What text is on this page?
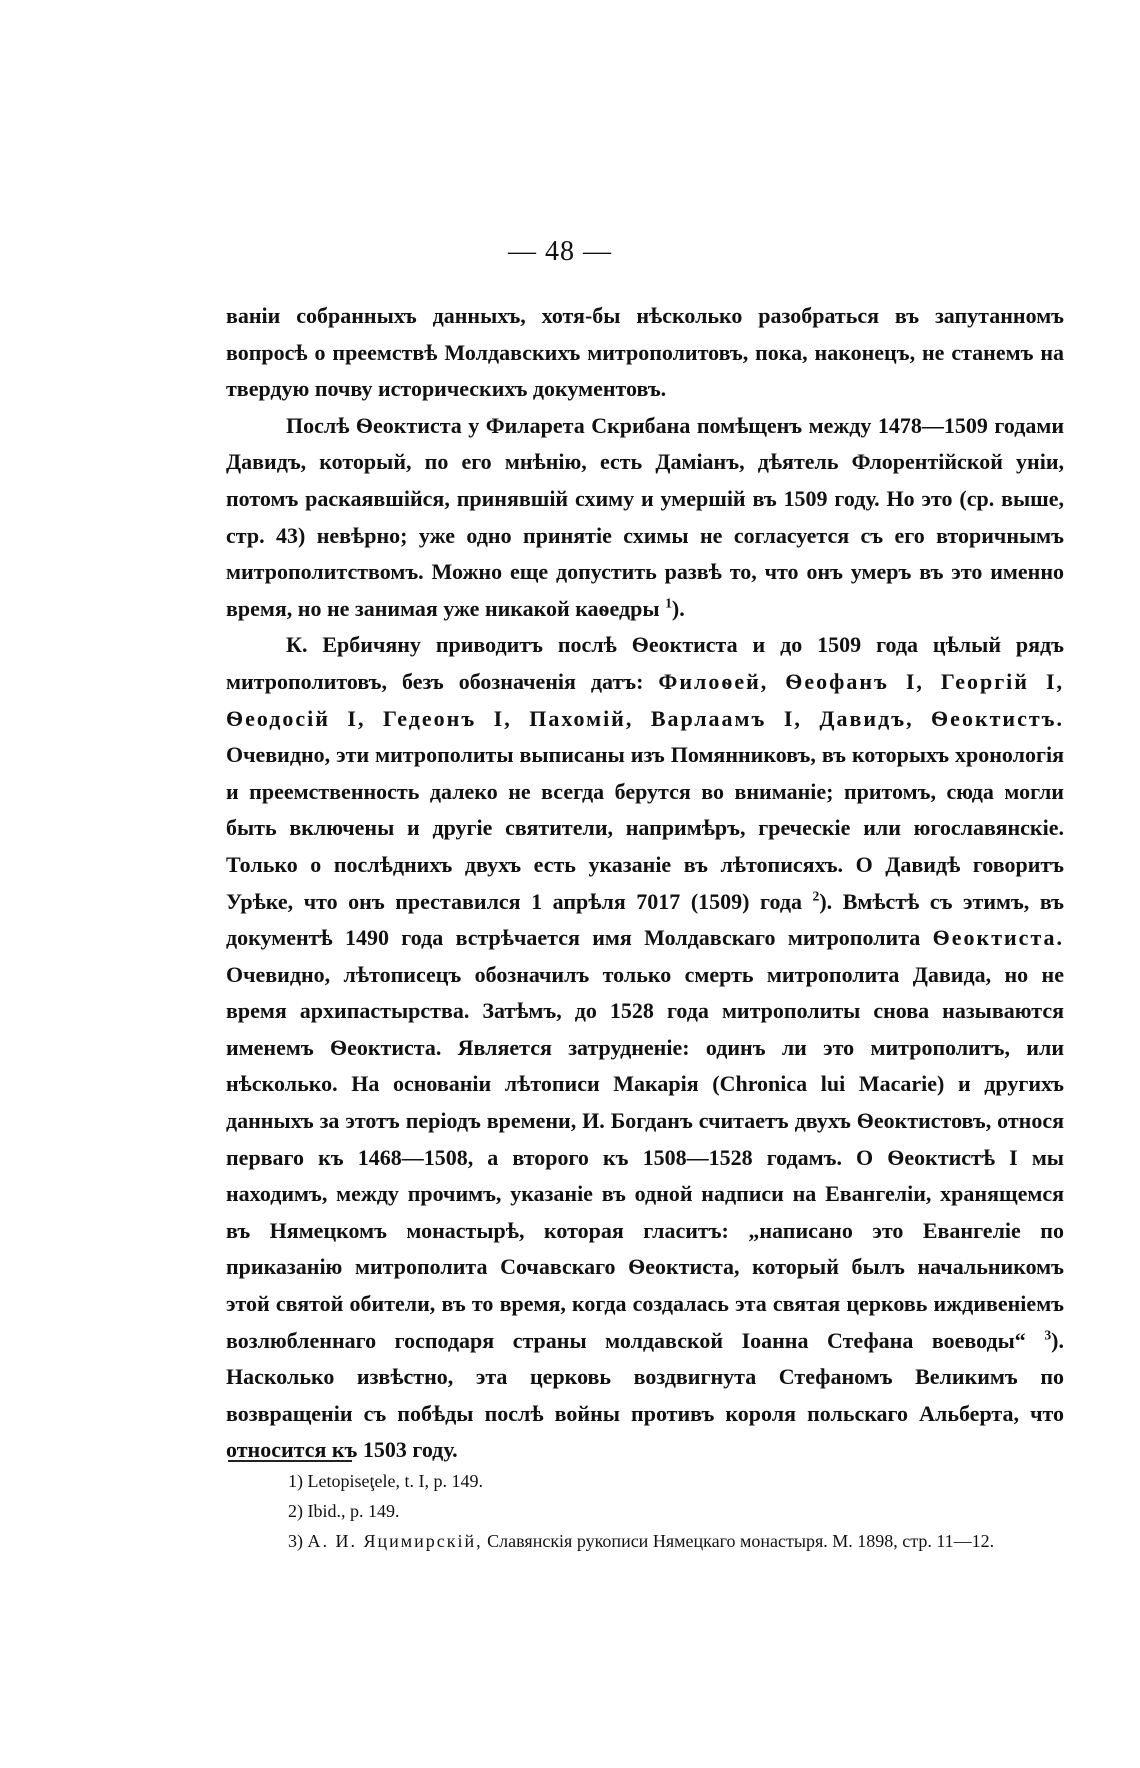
— 48 —

ваніи собранныхъ данныхъ, хотя-бы нѣсколько разобраться въ запутанномъ вопросѣ о преемствѣ Молдавскихъ митрополитовъ, пока, наконецъ, не станемъ на твердую почву историческихъ документовъ.

Послѣ Ѳеоктиста у Филарета Скрибана помѣщенъ между 1478—1509 годами Давидъ, который, по его мнѣнію, есть Даміанъ, дѣятель Флорентійской уніи, потомъ раскаявшійся, принявшій схиму и умершій въ 1509 году. Но это (ср. выше, стр. 43) невѣрно; уже одно принятіе схимы не согласуется съ его вторичнымъ митрополитствомъ. Можно еще допустить развѣ то, что онъ умеръ въ это именно время, но не занимая уже никакой каѳедры $^1$).

К. Ербичяну приводитъ послѣ Ѳеоктиста и до 1509 года цѣлый рядъ митрополитовъ, безъ обозначенія датъ: Филоѳей, Ѳеофанъ I, Георгій I, Ѳеодосій I, Гедеонъ I, Пахомій, Варлаамъ I, Давидъ, Ѳеоктистъ. Очевидно, эти митрополиты выписаны изъ Помянниковъ, въ которыхъ хронологія и преемственность далеко не всегда берутся во вниманіе; притомъ, сюда могли быть включены и другіе святители, напримѣръ, греческіе или югославянскіе. Только о послѣднихъ двухъ есть указаніе въ лѣтописяхъ. О Давидѣ говоритъ Урѣке, что онъ преставился 1 апрѣля 7017 (1509) года $^2$). Вмѣстѣ съ этимъ, въ документѣ 1490 года встрѣчается имя Молдавскаго митрополита Ѳеоктиста. Очевидно, лѣтописецъ обозначилъ только смерть митрополита Давида, но не время архипастырства. Затѣмъ, до 1528 года митрополиты снова называются именемъ Ѳеоктиста. Является затрудненіе: одинъ ли это митрополитъ, или нѣсколько. На основаніи лѣтописи Макарія (Chronica lui Macarie) и другихъ данныхъ за этотъ періодъ времени, И. Богданъ считаетъ двухъ Ѳеоктистовъ, относя перваго къ 1468—1508, а второго къ 1508—1528 годамъ. О Ѳеоктистѣ I мы находимъ, между прочимъ, указаніе въ одной надписи на Евангеліи, хранящемся въ Нямецкомъ монастырѣ, которая гласитъ: „написано это Евангеліе по приказанію митрополита Сочавскаго Ѳеоктиста, который былъ начальникомъ этой святой обители, въ то время, когда создалась эта святая церковь иждивеніемъ возлюбленнаго господаря страны молдавской Іоанна Стефана воеводы“ $^3$). Насколько извѣстно, эта церковь воздвигнута Стефаномъ Великимъ по возвращеніи съ побѣды послѣ войны противъ короля польскаго Альберта, что относится къ 1503 году.

1) Letopiseţele, t. I, p. 149.

2) Ibid., p. 149.

3) А. И. Яцимирскій, Славянскія рукописи Нямецкаго монастыря. М. 1898, стр. 11—12.
